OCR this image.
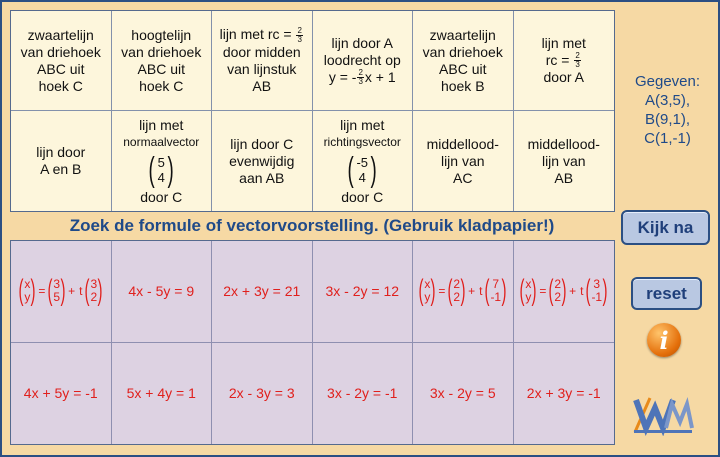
zwaartelijn
van driehoek
ABC uit
hoek C
hoogtelijn
van driehoek
ABC uit
hoek C
lijn met rc = $\frac{2}{3}$
door midden
van lijnstuk
AB
lijn door A
loodrecht op
y = - $\frac{2}{3}$ x + 1
zwaartelijn
van driehoek
ABC uit
hoek B
lijn met
rc = $\frac{2}{3}$
door A
lijn door
A en B
lijn met
normaalvector
( 5
4 )
door C
lijn door C
evenwijdig
aan AB
lijn met
richtingsvector
( -5
4 )
door C
middellood-
lijn van
AC
middellood-
lijn van
AB
Zoek de formule of vectorvoorstelling. (Gebruik kladpapier!)
( x
y ) = ( 3
5 ) + t ( 3
2 ) 4x - 5y = 9 2x + 3y = 21 3x - 2y = 12 ( x
y ) = ( 2
2 ) + t ( 7
-1 ) ( x
y ) = ( 2
2 ) + t ( 3
-1 )
4x + 5y = -1 5x + 4y = 1 2x - 3y = 3 3x - 2y = -1 3x - 2y = 5 2x + 3y = -1
Gegeven:
A(3,5),
B(9,1),
C(1,-1)
Kijk na
reset
i
